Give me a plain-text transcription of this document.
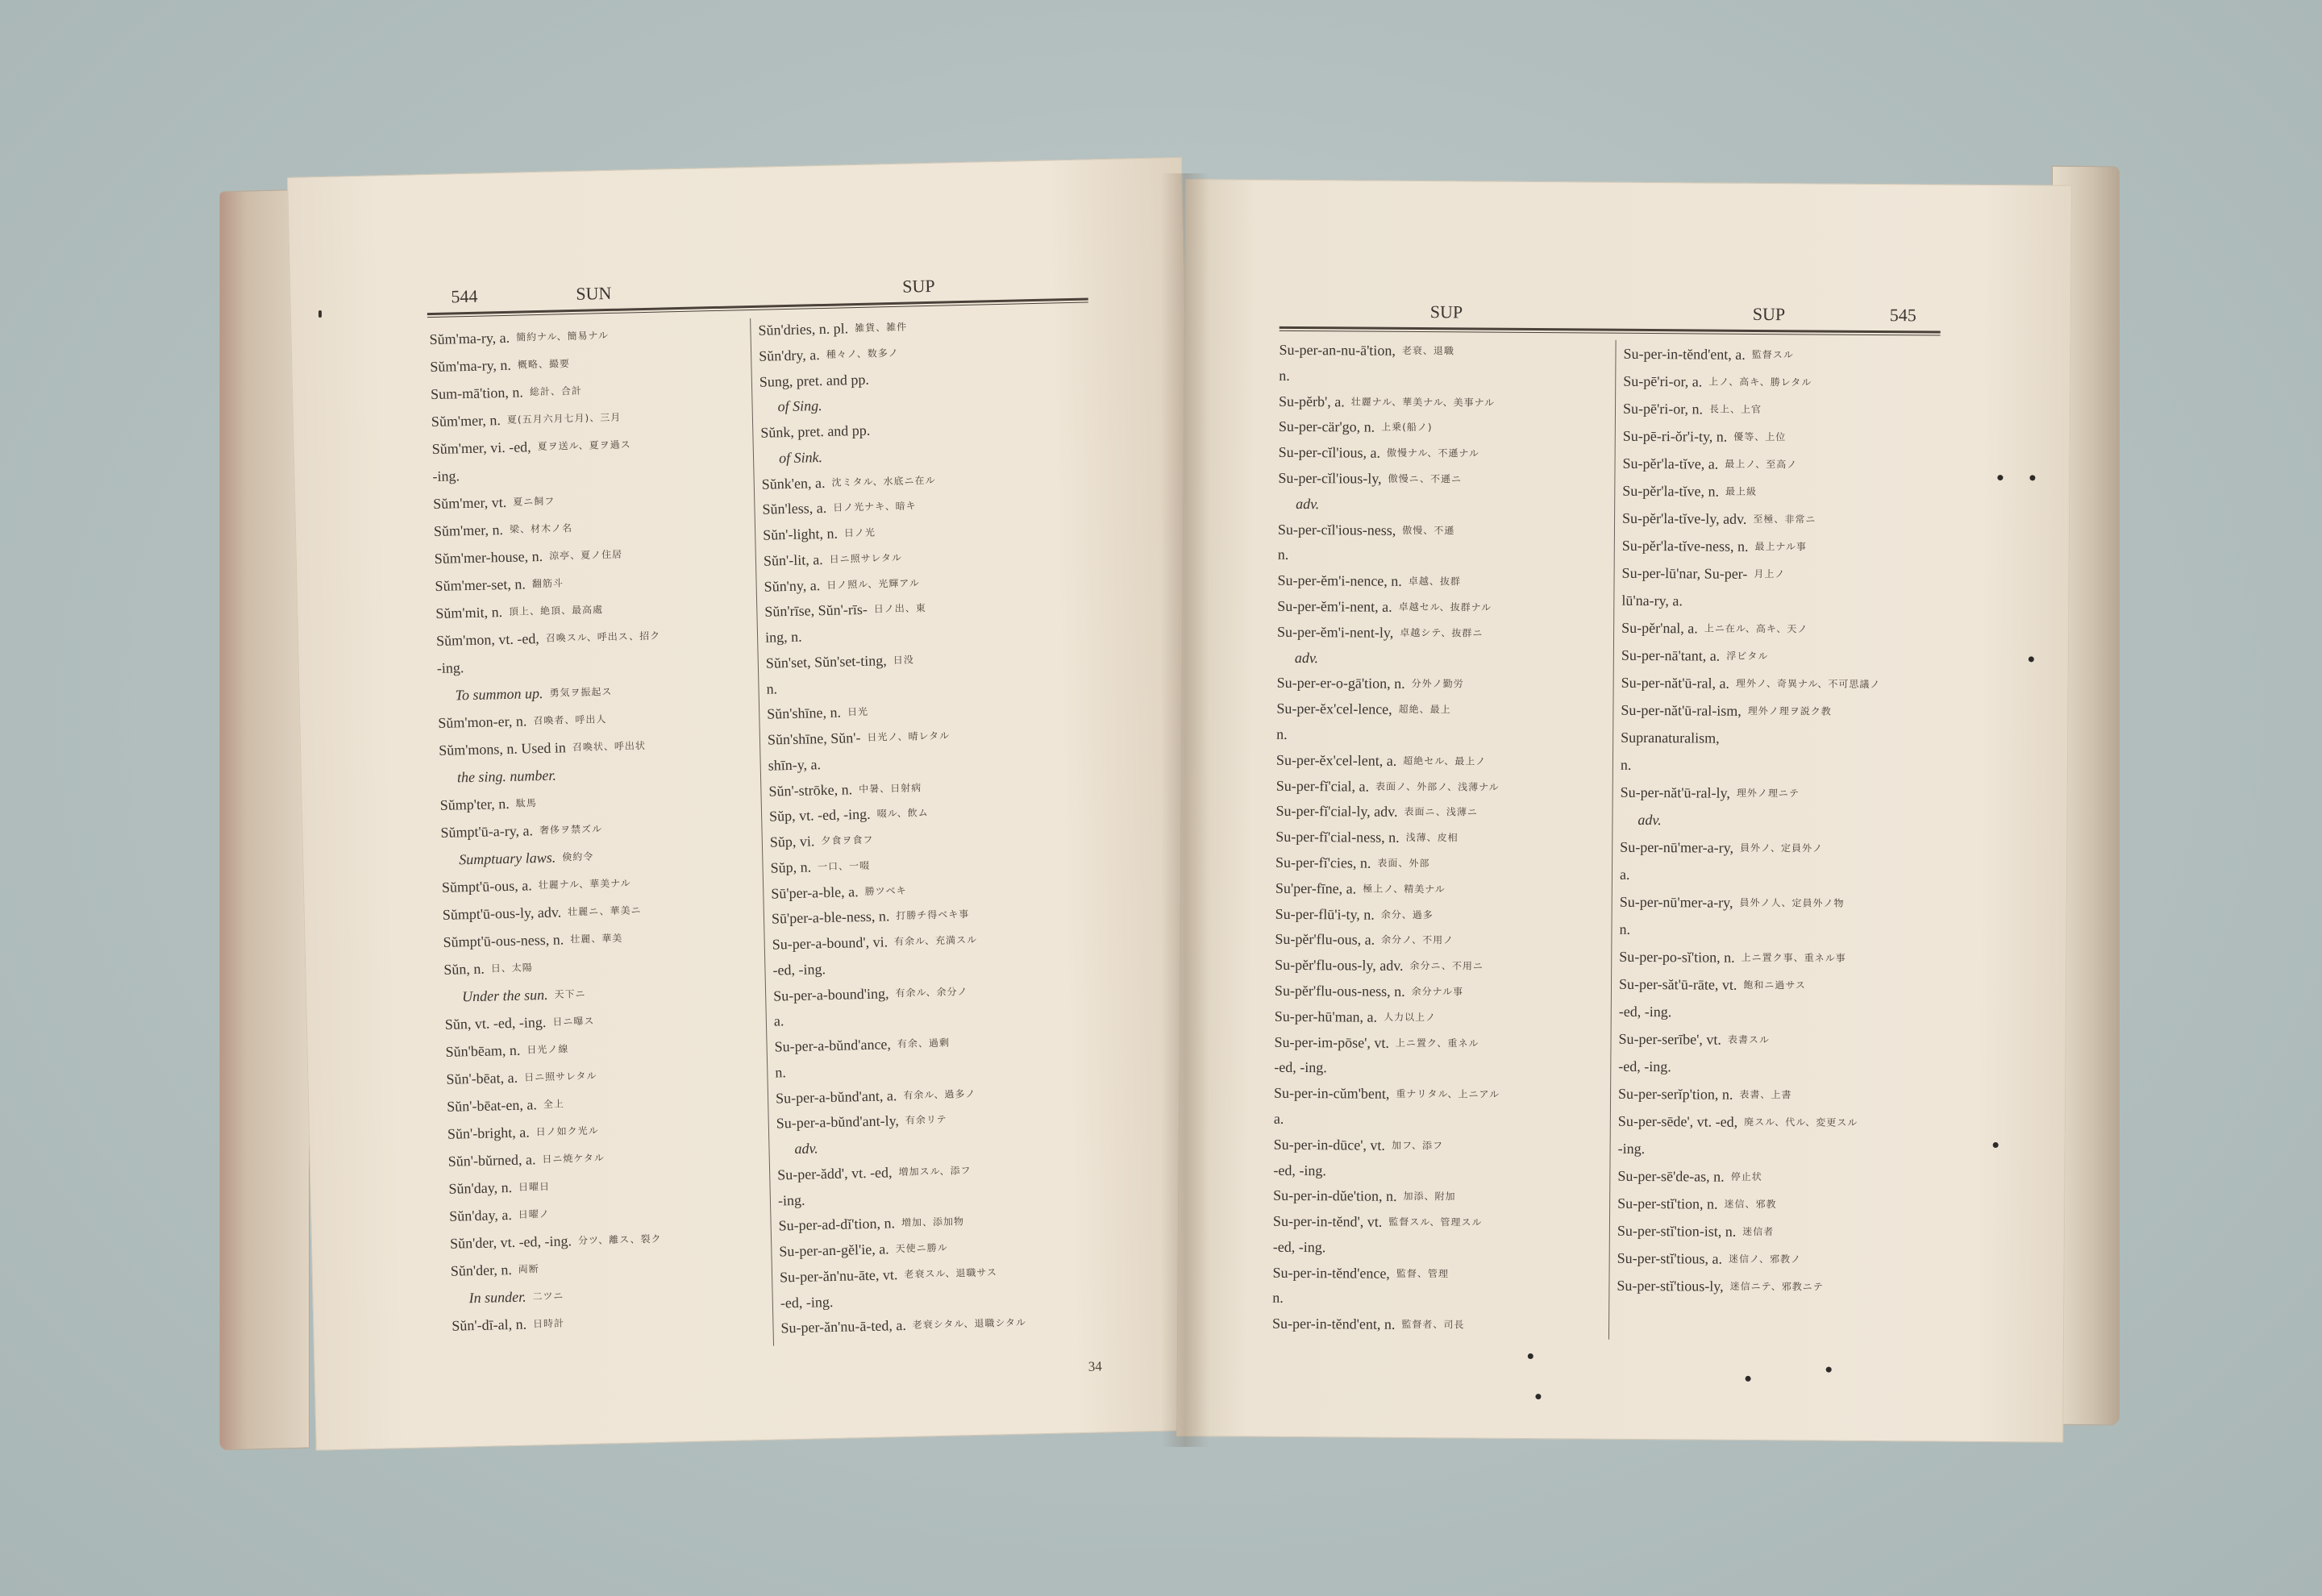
544	SUN	SUP
Sŭm'ma-ry, a. 簡約ナル、簡易ナル
Sŭm'ma-ry, n. 概略、撮要
Sum-mā'tion, n. 総計、合計
Sŭm'mer, n. 夏(五月六月七月)、三月
Sŭm'mer, vi. -ed, 夏ヲ送ル、夏ヲ過ス
-ing.
Sŭm'mer, vt. 夏ニ飼フ
Sŭm'mer, n. 梁、材木ノ名
Sŭm'mer-house, n. 涼亭、夏ノ住居
Sŭm'mer-set, n. 翻筋斗
Sŭm'mit, n. 頂上、絶頂、最高處
Sŭm'mon, vt. -ed, 召喚スル、呼出ス、招ク
-ing.
To summon up. 勇気ヲ振起ス
Sŭm'mon-er, n. 召喚者、呼出人
Sŭm'mons, n. Used in 召喚状、呼出状
the sing. number.
Sŭmp'ter, n. 駄馬
Sŭmpt'ū-a-ry, a. 奢侈ヲ禁ズル
Sumptuary laws. 倹約令
Sŭmpt'ū-ous, a. 壮麗ナル、華美ナル
Sŭmpt'ū-ous-ly, adv. 壮麗ニ、華美ニ
Sŭmpt'ū-ous-ness, n. 壮麗、華美
Sŭn, n. 日、太陽
Under the sun. 天下ニ
Sŭn, vt. -ed, -ing. 日ニ曝ス
Sŭn'bēam, n. 日光ノ線
Sŭn'-bēat, a. 日ニ照サレタル
Sŭn'-bēat-en, a. 全上
Sŭn'-bright, a. 日ノ如ク光ル
Sŭn'-bŭrned, a. 日ニ焼ケタル
Sŭn'day, n. 日曜日
Sŭn'day, a. 日曜ノ
Sŭn'der, vt. -ed, -ing. 分ツ、離ス、裂ク
Sŭn'der, n. 両断
In sunder. 二ツニ
Sŭn'-dī-al, n. 日時計
Sŭn'dries, n. pl. 雑貨、雑件
Sŭn'dry, a. 種々ノ、数多ノ
Sung, pret. and pp.
of Sing.
Sŭnk, pret. and pp.
of Sink.
Sŭnk'en, a. 沈ミタル、水底ニ在ル
Sŭn'less, a. 日ノ光ナキ、暗キ
Sŭn'-light, n. 日ノ光
Sŭn'-lit, a. 日ニ照サレタル
Sŭn'ny, a. 日ノ照ル、光輝アル
Sŭn'rīse, Sŭn'-rīs- 日ノ出、東
ing, n.
Sŭn'set, Sŭn'set-ting, 日没
n.
Sŭn'shīne, n. 日光
Sŭn'shīne, Sŭn'- 日光ノ、晴レタル
shīn-y, a.
Sŭn'-strōke, n. 中暑、日射病
Sŭp, vt. -ed, -ing. 啜ル、飲ム
Sŭp, vi. 夕食ヲ食フ
Sŭp, n. 一口、一啜
Sū'per-a-ble, a. 勝ツベキ
Sū'per-a-ble-ness, n. 打勝チ得ベキ事
Su-per-a-bound', vi. 有余ル、充満スル
-ed, -ing.
Su-per-a-bound'ing, 有余ル、余分ノ
a.
Su-per-a-bŭnd'ance, 有余、過剰
n.
Su-per-a-bŭnd'ant, a. 有余ル、過多ノ
Su-per-a-bŭnd'ant-ly, 有余リテ
adv.
Su-per-ădd', vt. -ed, 増加スル、添フ
-ing.
Su-per-ad-dĭ'tion, n. 増加、添加物
Su-per-an-gĕl'ie, a. 天使ニ勝ル
Su-per-ăn'nu-āte, vt. 老衰スル、退職サス
-ed, -ing.
Su-per-ăn'nu-ā-ted, a. 老衰シタル、退職シタル
34
SUP	SUP	545
Su-per-an-nu-ā'tion, 老衰、退職
n.
Su-pĕrb', a. 壮麗ナル、華美ナル、美事ナル
Su-per-cär'go, n. 上乗(船ノ)
Su-per-cĭl'ious, a. 傲慢ナル、不遜ナル
Su-per-cĭl'ious-ly, 傲慢ニ、不遜ニ
adv.
Su-per-cĭl'ious-ness, 傲慢、不遜
n.
Su-per-ĕm'i-nence, n. 卓越、抜群
Su-per-ĕm'i-nent, a. 卓越セル、抜群ナル
Su-per-ĕm'i-nent-ly, 卓越シテ、抜群ニ
adv.
Su-per-er-o-gā'tion, n. 分外ノ勤労
Su-per-ĕx'cel-lence, 超絶、最上
n.
Su-per-ĕx'cel-lent, a. 超絶セル、最上ノ
Su-per-fĭ'cial, a. 表面ノ、外部ノ、浅薄ナル
Su-per-fĭ'cial-ly, adv. 表面ニ、浅薄ニ
Su-per-fĭ'cial-ness, n. 浅薄、皮相
Su-per-fĭ'cies, n. 表面、外部
Su'per-fīne, a. 極上ノ、精美ナル
Su-per-flū'i-ty, n. 余分、過多
Su-pĕr'flu-ous, a. 余分ノ、不用ノ
Su-pĕr'flu-ous-ly, adv. 余分ニ、不用ニ
Su-pĕr'flu-ous-ness, n. 余分ナル事
Su-per-hū'man, a. 人力以上ノ
Su-per-im-pōse', vt. 上ニ置ク、重ネル
-ed, -ing.
Su-per-in-cŭm'bent, 重ナリタル、上ニアル
a.
Su-per-in-dūce', vt. 加フ、添フ
-ed, -ing.
Su-per-in-dŭe'tion, n. 加添、附加
Su-per-in-tĕnd', vt. 監督スル、管理スル
-ed, -ing.
Su-per-in-tĕnd'ence, 監督、管理
n.
Su-per-in-tĕnd'ent, n. 監督者、司長
Su-per-in-tĕnd'ent, a. 監督スル
Su-pē'ri-or, a. 上ノ、高キ、勝レタル
Su-pē'ri-or, n. 長上、上官
Su-pē-ri-ŏr'i-ty, n. 優等、上位
Su-pĕr'la-tĭve, a. 最上ノ、至高ノ
Su-pĕr'la-tĭve, n. 最上級
Su-pĕr'la-tĭve-ly, adv. 至極、非常ニ
Su-pĕr'la-tĭve-ness, n. 最上ナル事
Su-per-lū'nar, Su-per- 月上ノ
lū'na-ry, a.
Su-pĕr'nal, a. 上ニ在ル、高キ、天ノ
Su-per-nā'tant, a. 浮ビタル
Su-per-năt'ū-ral, a. 理外ノ、奇異ナル、不可思議ノ
Su-per-năt'ū-ral-ism, 理外ノ理ヲ説ク教
Supranaturalism,
n.
Su-per-năt'ū-ral-ly, 理外ノ理ニテ
adv.
Su-per-nū'mer-a-ry, 員外ノ、定員外ノ
a.
Su-per-nū'mer-a-ry, 員外ノ人、定員外ノ物
n.
Su-per-po-sĭ'tion, n. 上ニ置ク事、重ネル事
Su-per-săt'ū-rāte, vt. 飽和ニ過サス
-ed, -ing.
Su-per-serībe', vt. 表書スル
-ed, -ing.
Su-per-serĭp'tion, n. 表書、上書
Su-per-sēde', vt. -ed, 廃スル、代ル、変更スル
-ing.
Su-per-sē'de-as, n. 停止状
Su-per-stĭ'tion, n. 迷信、邪教
Su-per-stĭ'tion-ist, n. 迷信者
Su-per-stĭ'tious, a. 迷信ノ、邪教ノ
Su-per-stĭ'tious-ly, 迷信ニテ、邪教ニテ
